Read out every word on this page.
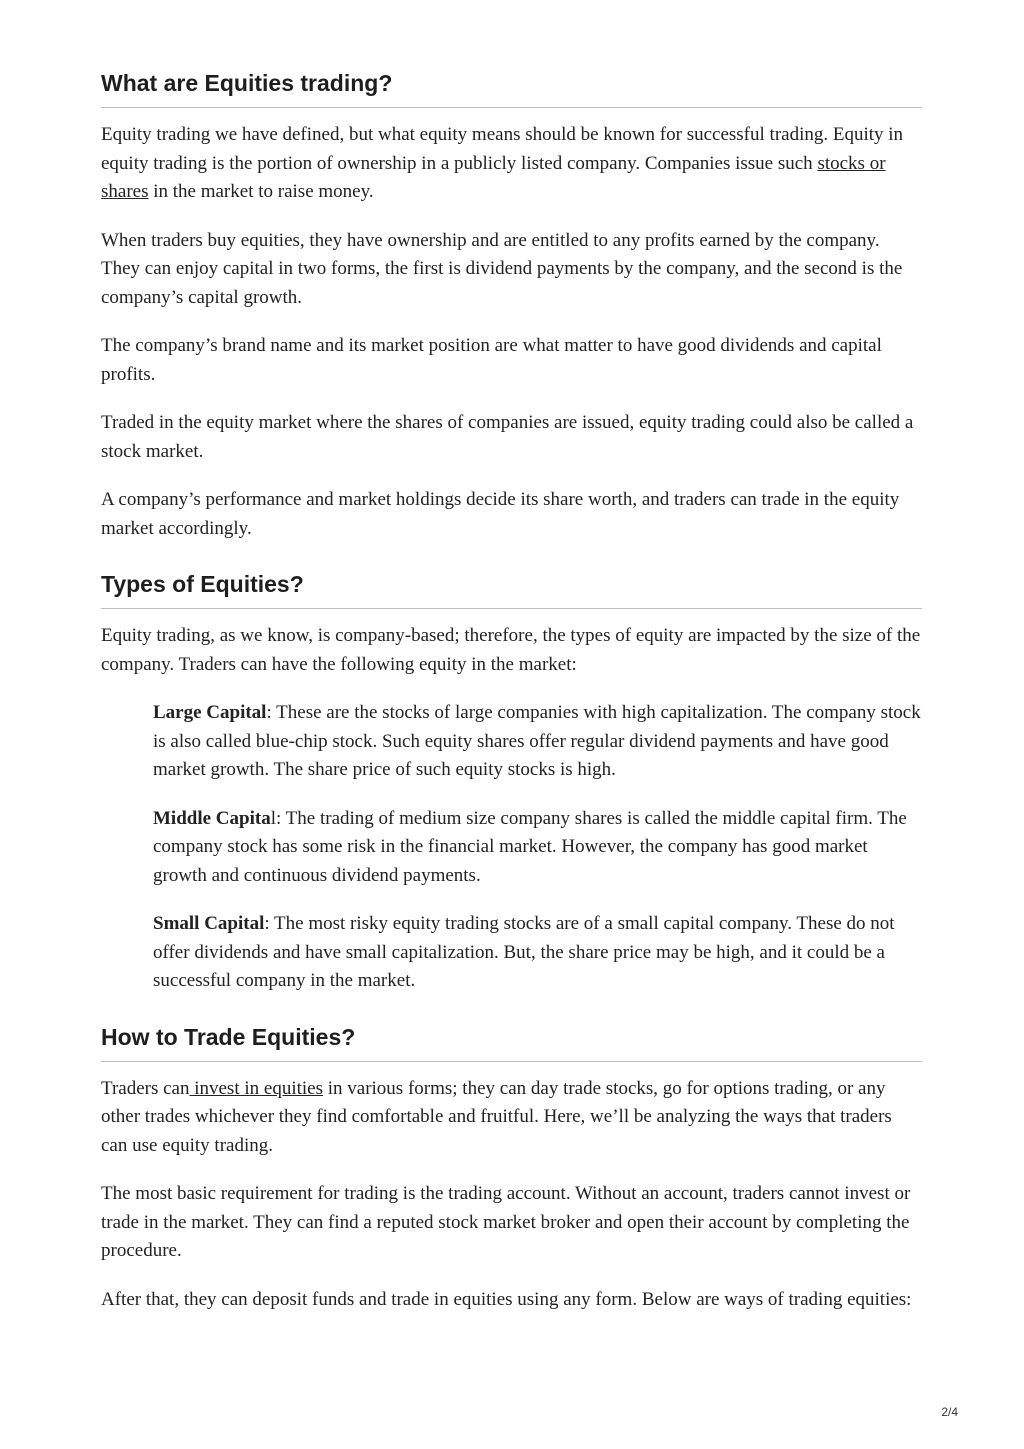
What are Equities trading?

Equity trading we have defined, but what equity means should be known for successful trading. Equity in equity trading is the portion of ownership in a publicly listed company. Companies issue such stocks or shares in the market to raise money.

When traders buy equities, they have ownership and are entitled to any profits earned by the company. They can enjoy capital in two forms, the first is dividend payments by the company, and the second is the company’s capital growth.

The company’s brand name and its market position are what matter to have good dividends and capital profits.

Traded in the equity market where the shares of companies are issued, equity trading could also be called a stock market.

A company’s performance and market holdings decide its share worth, and traders can trade in the equity market accordingly.

Types of Equities?

Equity trading, as we know, is company-based; therefore, the types of equity are impacted by the size of the company. Traders can have the following equity in the market:

Large Capital: These are the stocks of large companies with high capitalization. The company stock is also called blue-chip stock. Such equity shares offer regular dividend payments and have good market growth. The share price of such equity stocks is high.

Middle Capital: The trading of medium size company shares is called the middle capital firm. The company stock has some risk in the financial market. However, the company has good market growth and continuous dividend payments.

Small Capital: The most risky equity trading stocks are of a small capital company. These do not offer dividends and have small capitalization. But, the share price may be high, and it could be a successful company in the market.

How to Trade Equities?

Traders can invest in equities in various forms; they can day trade stocks, go for options trading, or any other trades whichever they find comfortable and fruitful. Here, we’ll be analyzing the ways that traders can use equity trading.

The most basic requirement for trading is the trading account. Without an account, traders cannot invest or trade in the market. They can find a reputed stock market broker and open their account by completing the procedure.

After that, they can deposit funds and trade in equities using any form. Below are ways of trading equities:

2/4
